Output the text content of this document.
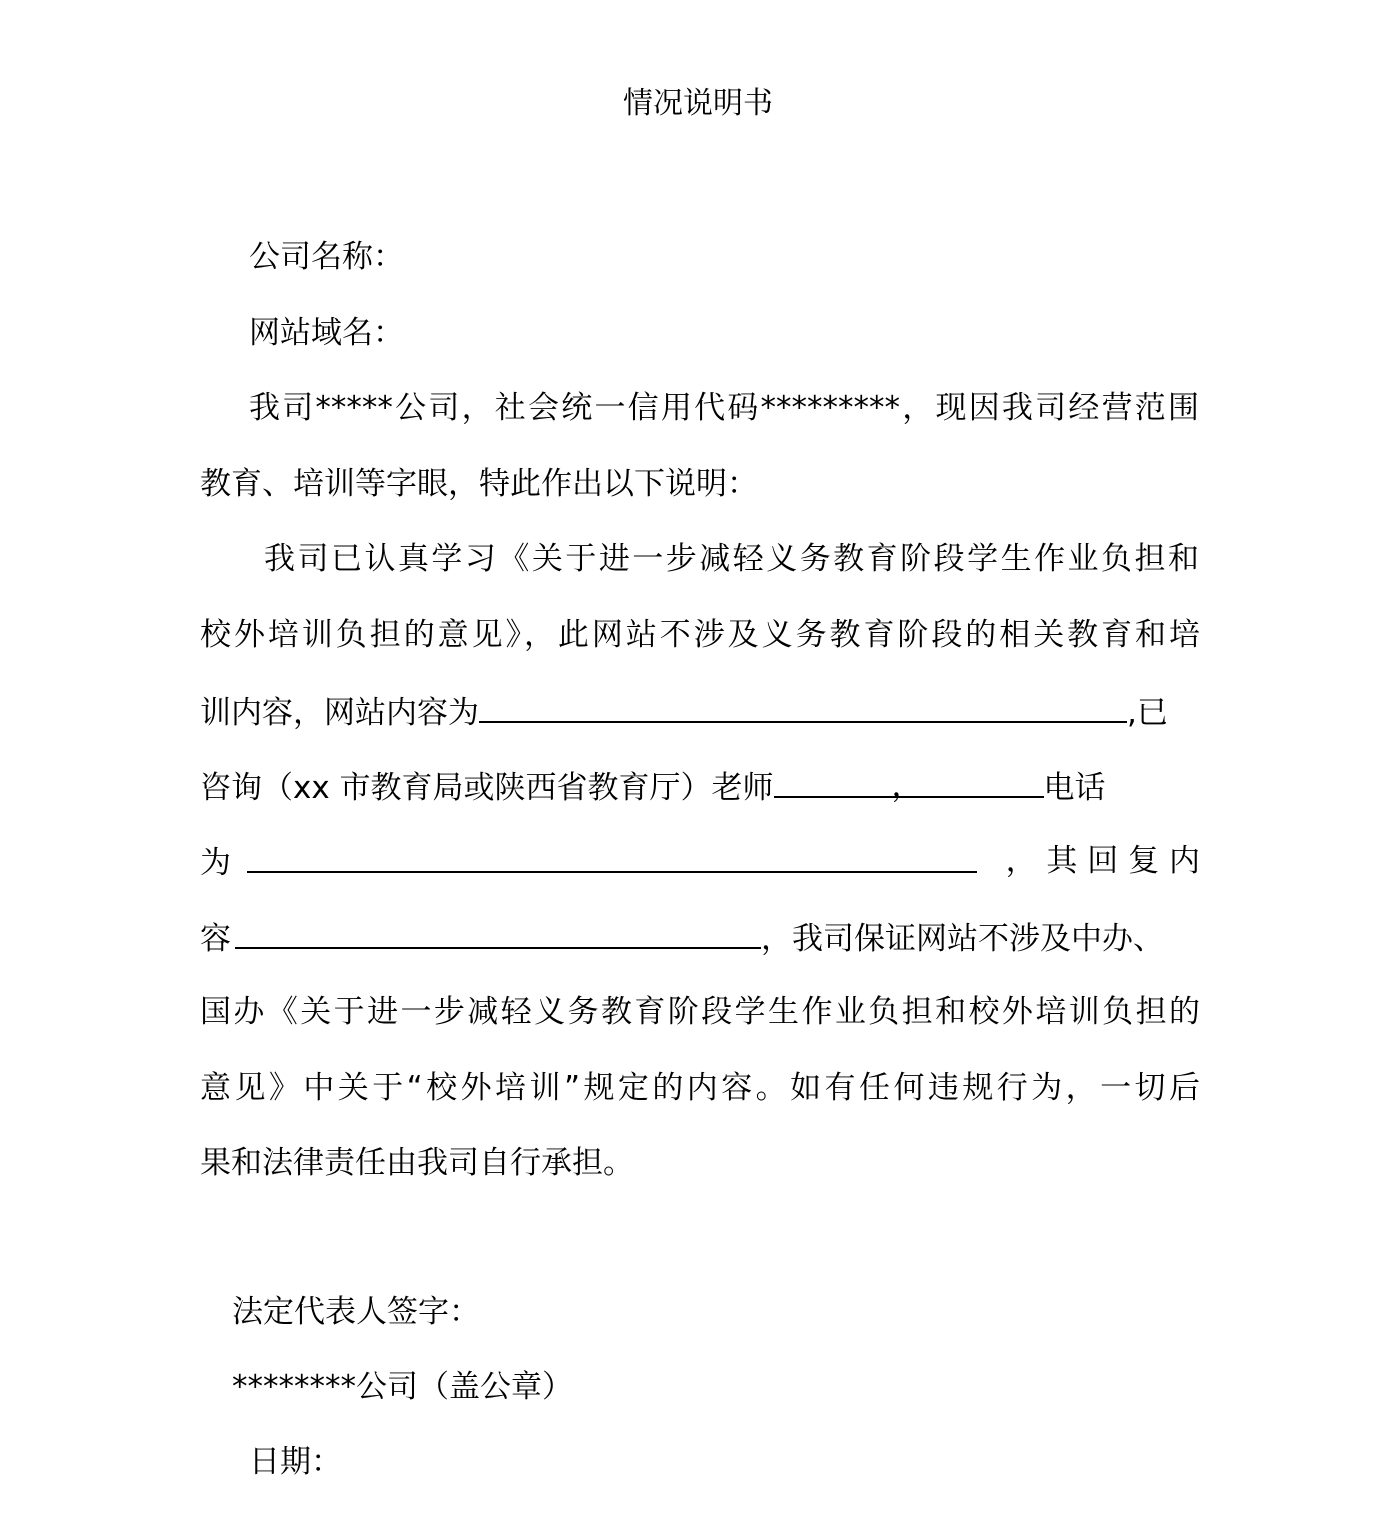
情况说明书
公司名称：
网站域名：
我司*****公司，社会统一信用代码*********，现因我司经营范围
教育、培训等字眼，特此作出以下说明：
我司已认真学习《关于进一步减轻义务教育阶段学生作业负担和
校外培训负担的意见》，此网站不涉及义务教育阶段的相关教育和培
训内容，网站内容为	,已
咨询（xx 市教育局或陕西省教育厅）老师	，	电话
为	， 其 回 复 内
容	，我司保证网站不涉及中办、
国办《关于进一步减轻义务教育阶段学生作业负担和校外培训负担的
意见》中关于“校外培训”规定的内容。如有任何违规行为，一切后
果和法律责任由我司自行承担。
法定代表人签字：
********公司（盖公章）
日期：
